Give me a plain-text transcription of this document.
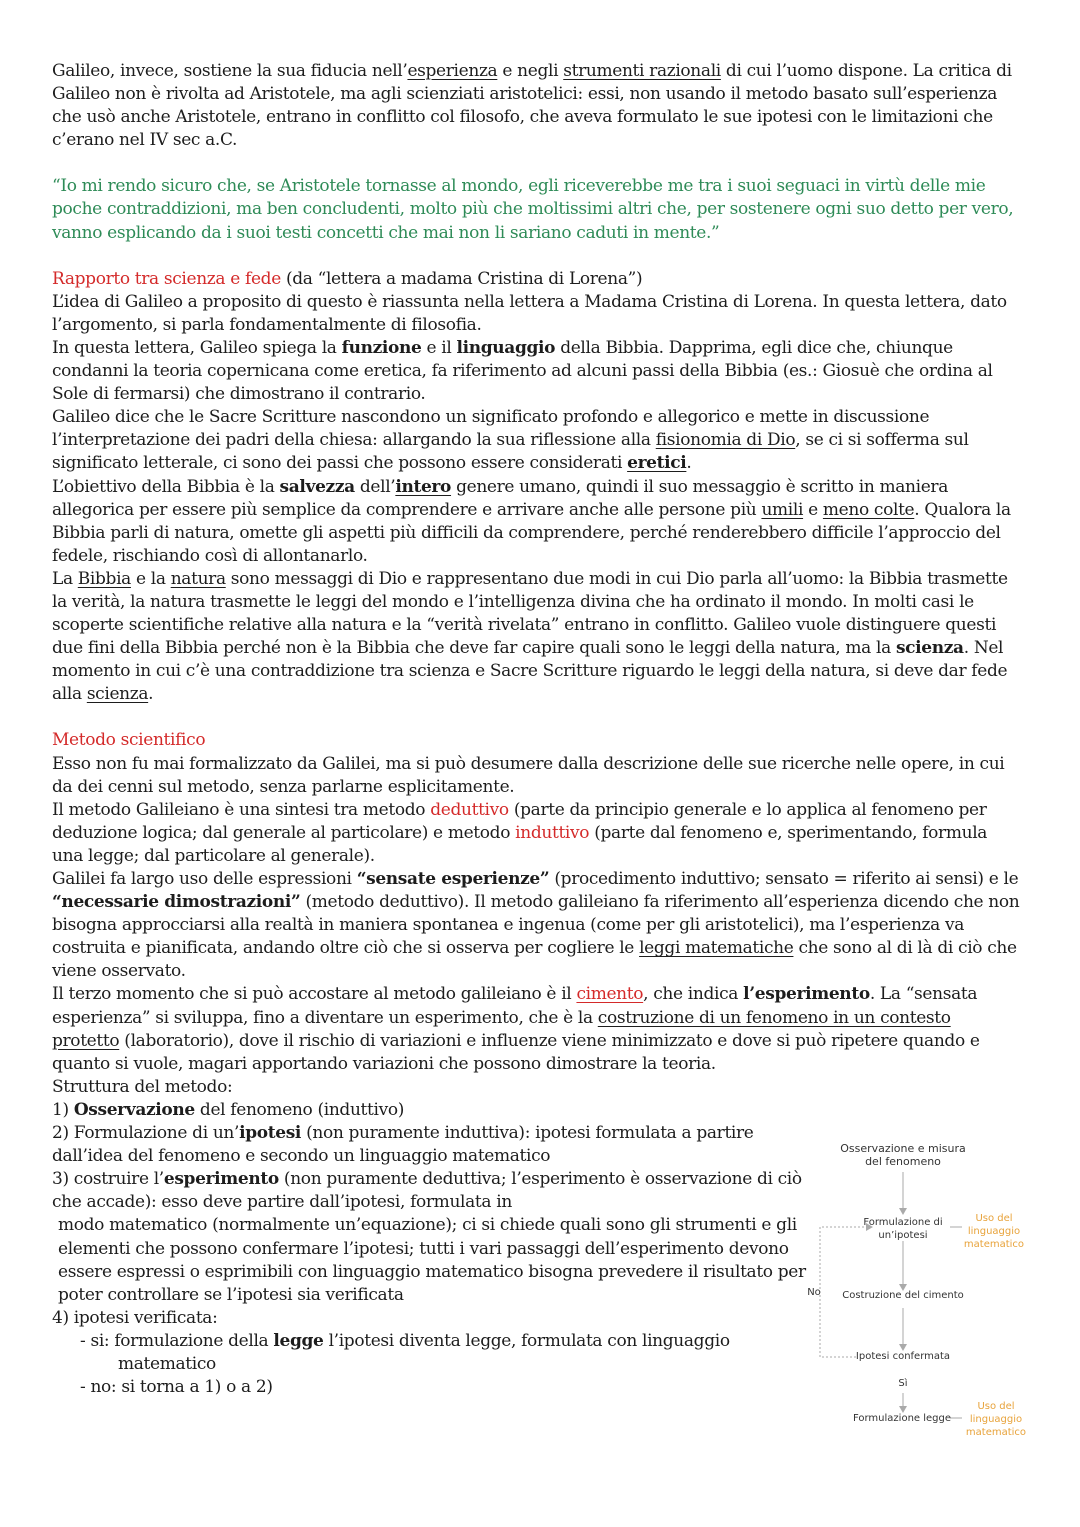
Galileo, invece, sostiene la sua fiducia nell’esperienza e negli strumenti razionali di cui l’uomo dispone. La critica di Galileo non è rivolta ad Aristotele, ma agli scienziati aristotelici: essi, non usando il metodo basato sull’esperienza che usò anche Aristotele, entrano in conflitto col filosofo, che aveva formulato le sue ipotesi con le limitazioni che c’erano nel IV sec a.C.

“Io mi rendo sicuro che, se Aristotele tornasse al mondo, egli riceverebbe me tra i suoi seguaci in virtù delle mie poche contraddizioni, ma ben concludenti, molto più che moltissimi altri che, per sostenere ogni suo detto per vero, vanno esplicando da i suoi testi concetti che mai non li sariano caduti in mente.”

Rapporto tra scienza e fede (da “lettera a madama Cristina di Lorena”)

L’idea di Galileo a proposito di questo è riassunta nella lettera a Madama Cristina di Lorena. In questa lettera, dato l’argomento, si parla fondamentalmente di filosofia.

In questa lettera, Galileo spiega la funzione e il linguaggio della Bibbia. Dapprima, egli dice che, chiunque condanni la teoria copernicana come eretica, fa riferimento ad alcuni passi della Bibbia (es.: Giosuè che ordina al Sole di fermarsi) che dimostrano il contrario.

Galileo dice che le Sacre Scritture nascondono un significato profondo e allegorico e mette in discussione l’interpretazione dei padri della chiesa: allargando la sua riflessione alla fisionomia di Dio, se ci si sofferma sul significato letterale, ci sono dei passi che possono essere considerati eretici.

L’obiettivo della Bibbia è la salvezza dell’intero genere umano, quindi il suo messaggio è scritto in maniera allegorica per essere più semplice da comprendere e arrivare anche alle persone più umili e meno colte. Qualora la Bibbia parli di natura, omette gli aspetti più difficili da comprendere, perché renderebbero difficile l’approccio del fedele, rischiando così di allontanarlo.

La Bibbia e la natura sono messaggi di Dio e rappresentano due modi in cui Dio parla all’uomo: la Bibbia trasmette la verità, la natura trasmette le leggi del mondo e l’intelligenza divina che ha ordinato il mondo. In molti casi le scoperte scientifiche relative alla natura e la “verità rivelata” entrano in conflitto. Galileo vuole distinguere questi due fini della Bibbia perché non è la Bibbia che deve far capire quali sono le leggi della natura, ma la scienza. Nel momento in cui c’è una contraddizione tra scienza e Sacre Scritture riguardo le leggi della natura, si deve dar fede alla scienza.

Metodo scientifico

Esso non fu mai formalizzato da Galilei, ma si può desumere dalla descrizione delle sue ricerche nelle opere, in cui da dei cenni sul metodo, senza parlarne esplicitamente.

Il metodo Galileiano è una sintesi tra metodo deduttivo (parte da principio generale e lo applica al fenomeno per deduzione logica; dal generale al particolare) e metodo induttivo (parte dal fenomeno e, sperimentando, formula una legge; dal particolare al generale).

Galilei fa largo uso delle espressioni “sensate esperienze” (procedimento induttivo; sensato = riferito ai sensi) e le “necessarie dimostrazioni” (metodo deduttivo). Il metodo galileiano fa riferimento all’esperienza dicendo che non bisogna approcciarsi alla realtà in maniera spontanea e ingenua (come per gli aristotelici), ma l’esperienza va costruita e pianificata, andando oltre ciò che si osserva per cogliere le leggi matematiche che sono al di là di ciò che viene osservato.

Il terzo momento che si può accostare al metodo galileiano è il cimento, che indica l’esperimento. La “sensata esperienza” si sviluppa, fino a diventare un esperimento, che è la costruzione di un fenomeno in un contesto protetto (laboratorio), dove il rischio di variazioni e influenze viene minimizzato e dove si può ripetere quando e quanto si vuole, magari apportando variazioni che possono dimostrare la teoria.

Struttura del metodo:

1) Osservazione del fenomeno (induttivo)

2) Formulazione di un’ipotesi (non puramente induttiva): ipotesi formulata a partire dall’idea del fenomeno e secondo un linguaggio matematico

3) costruire l’esperimento (non puramente deduttiva; l’esperimento è osservazione di ciò che accade): esso deve partire dall’ipotesi, formulata in

modo matematico (normalmente un’equazione); ci si chiede quali sono gli strumenti e gli elementi che possono confermare l’ipotesi; tutti i vari passaggi dell’esperimento devono essere espressi o esprimibili con linguaggio matematico bisogna prevedere il risultato per poter controllare se l’ipotesi sia verificata

4) ipotesi verificata:

- si: formulazione della legge l’ipotesi diventa legge, formulata con linguaggio

matematico

- no: si torna a 1) o a 2)

Osservazione e misura del fenomeno
Formulazione di un’ipotesi
Uso del linguaggio matematico
No	Costruzione del cimento
Ipotesi confermata
Sì
Formulazione legge
Uso del linguaggio matematico
